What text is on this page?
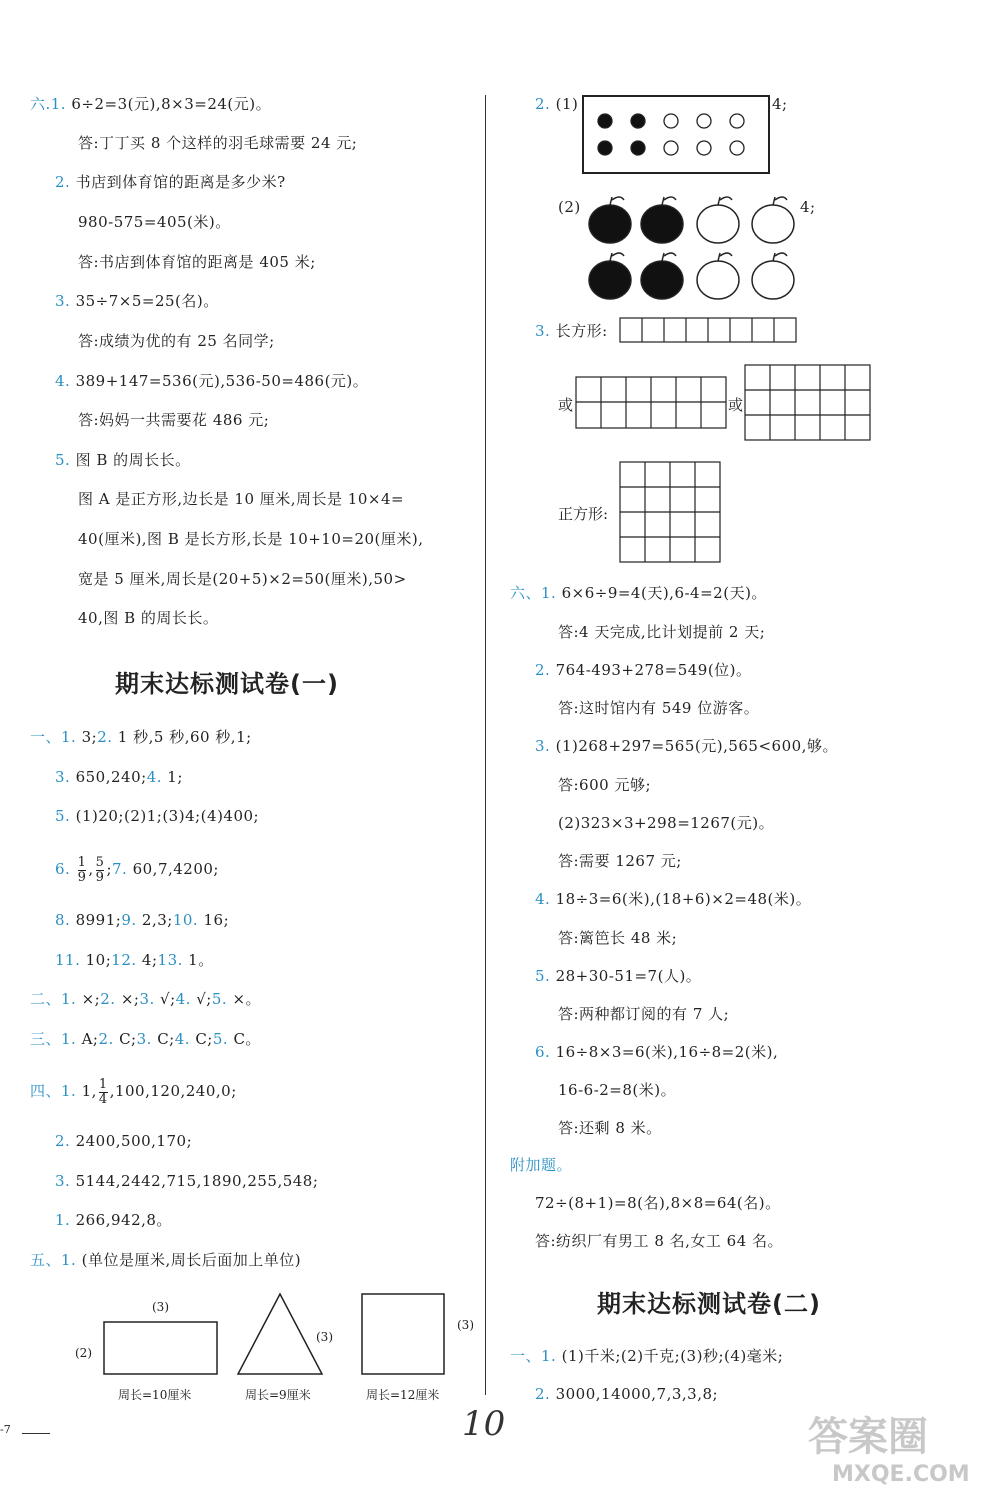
六.1. 6÷2=3(元),8×3=24(元)。
答:丁丁买 8 个这样的羽毛球需要 24 元;
2. 书店到体育馆的距离是多少米?
980-575=405(米)。
答:书店到体育馆的距离是 405 米;
3. 35÷7×5=25(名)。
答:成绩为优的有 25 名同学;
4. 389+147=536(元),536-50=486(元)。
答:妈妈一共需要花 486 元;
5. 图 B 的周长长。
图 A 是正方形,边长是 10 厘米,周长是 10×4=
40(厘米),图 B 是长方形,长是 10+10=20(厘米),
宽是 5 厘米,周长是(20+5)×2=50(厘米),50>
40,图 B 的周长长。
期末达标测试卷(一)
一、1. 3;2. 1 秒,5 秒,60 秒,1;
3. 650,240;4. 1;
5. (1)20;(2)1;(3)4;(4)400;
6. $\frac{1}{9}$ , $\frac{5}{9}$ ;7. 60,7,4200;
8. 8991;9. 2,3;10. 16;
11. 10;12. 4;13. 1。
二、1. ×;2. ×;3. √;4. √;5. ×。
三、1. A;2. C;3. C;4. C;5. C。
四、1. 1, $\frac{1}{4} ,100,120,240,0$;
2. 2400,500,170;
3. 5144,2442,715,1890,255,548;
1. 266,942,8。
五、1. (单位是厘米,周长后面加上单位)
(3)
(2)
(3)
(3)
周长=10厘米	周长=9厘米	周长=12厘米
-7
2. (1)	4;
(2)	4;
3. 长方形:
或	或
正方形:
六、1. 6×6÷9=4(天),6-4=2(天)。
答:4 天完成,比计划提前 2 天;
2. 764-493+278=549(位)。
答:这时馆内有 549 位游客。
3. (1)268+297=565(元),565<600,够。
答:600 元够;
(2)323×3+298=1267(元)。
答:需要 1267 元;
4. 18÷3=6(米),(18+6)×2=48(米)。
答:篱笆长 48 米;
5. 28+30-51=7(人)。
答:两种都订阅的有 7 人;
6. 16÷8×3=6(米),16÷8=2(米),
16-6-2=8(米)。
答:还剩 8 米。
附加题。
72÷(8+1)=8(名),8×8=64(名)。
答:纺织厂有男工 8 名,女工 64 名。
期末达标测试卷(二)
一、1. (1)千米;(2)千克;(3)秒;(4)毫米;
2. 3000,14000,7,3,3,8;
10	答案圈
MXQE.COM
